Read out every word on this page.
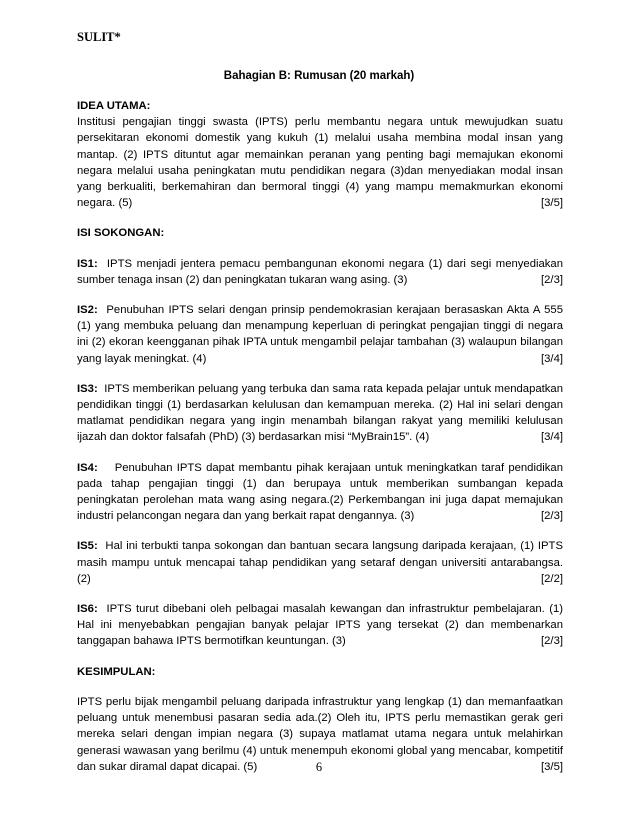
SULIT*
Bahagian B: Rumusan (20 markah)
IDEA UTAMA:

Institusi pengajian tinggi swasta (IPTS) perlu membantu negara untuk mewujudkan suatu persekitaran ekonomi domestik yang kukuh (1) melalui usaha membina modal insan yang mantap. (2) IPTS dituntut agar memainkan peranan yang penting bagi memajukan ekonomi negara melalui usaha peningkatan mutu pendidikan negara (3)dan menyediakan modal insan yang berkualiti, berkemahiran dan bermoral tinggi (4) yang mampu memakmurkan ekonomi negara. (5)	[3/5]

ISI SOKONGAN:

IS1: IPTS menjadi jentera pemacu pembangunan ekonomi negara (1) dari segi menyediakan sumber tenaga insan (2) dan peningkatan tukaran wang asing. (3)	[2/3]

IS2: Penubuhan IPTS selari dengan prinsip pendemokrasian kerajaan berasaskan Akta A 555 (1) yang membuka peluang dan menampung keperluan di peringkat pengajian tinggi di negara ini (2) ekoran keengganan pihak IPTA untuk mengambil pelajar tambahan (3) walaupun bilangan yang layak meningkat. (4)	[3/4]

IS3: IPTS memberikan peluang yang terbuka dan sama rata kepada pelajar untuk mendapatkan pendidikan tinggi (1) berdasarkan kelulusan dan kemampuan mereka. (2) Hal ini selari dengan matlamat pendidikan negara yang ingin menambah bilangan rakyat yang memiliki kelulusan ijazah dan doktor falsafah (PhD) (3) berdasarkan misi “MyBrain15”. (4)	[3/4]

IS4: Penubuhan IPTS dapat membantu pihak kerajaan untuk meningkatkan taraf pendidikan pada tahap pengajian tinggi (1) dan berupaya untuk memberikan sumbangan kepada peningkatan perolehan mata wang asing negara.(2) Perkembangan ini juga dapat memajukan industri pelancongan negara dan yang berkait rapat dengannya. (3)	[2/3]

IS5: Hal ini terbukti tanpa sokongan dan bantuan secara langsung daripada kerajaan, (1) IPTS masih mampu untuk mencapai tahap pendidikan yang setaraf dengan universiti antarabangsa.(2)	[2/2]

IS6: IPTS turut dibebani oleh pelbagai masalah kewangan dan infrastruktur pembelajaran. (1) Hal ini menyebabkan pengajian banyak pelajar IPTS yang tersekat (2) dan membenarkan tanggapan bahawa IPTS bermotifkan keuntungan. (3)	[2/3]

KESIMPULAN:

IPTS perlu bijak mengambil peluang daripada infrastruktur yang lengkap (1) dan memanfaatkan peluang untuk menembusi pasaran sedia ada.(2) Oleh itu, IPTS perlu memastikan gerak geri mereka selari dengan impian negara (3) supaya matlamat utama negara untuk melahirkan generasi wawasan yang berilmu (4) untuk menempuh ekonomi global yang mencabar, kompetitif dan sukar diramal dapat dicapai. (5)	[3/5]

6
